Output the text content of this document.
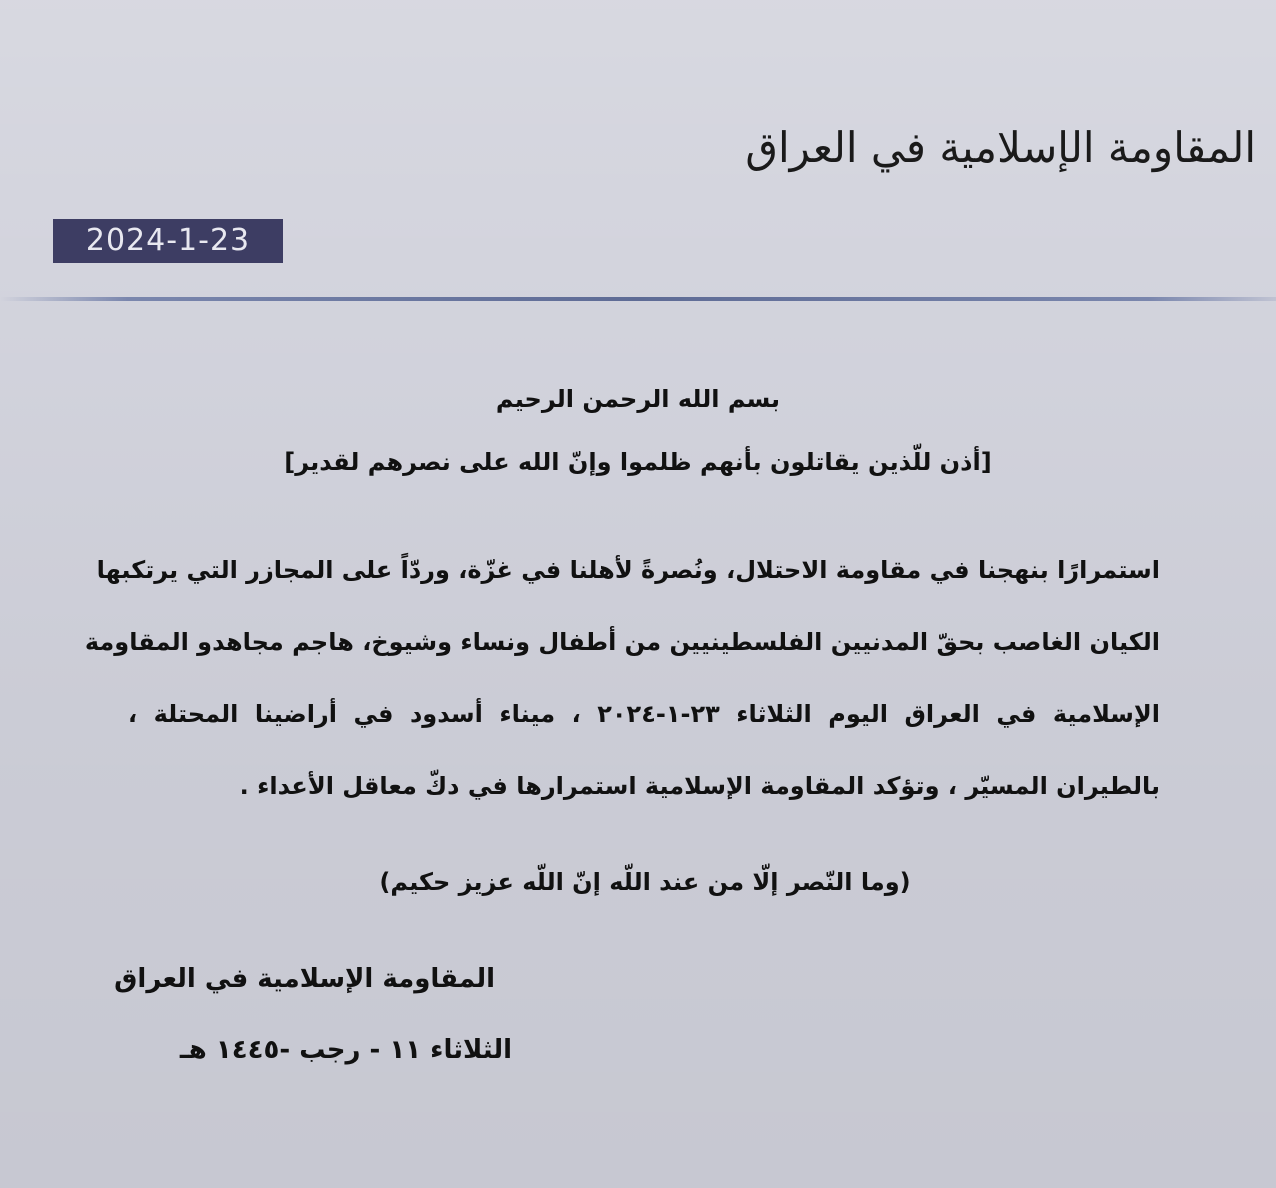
المقاومة الإسلامية في العراق
2024-1-23
بسم الله الرحمن الرحيم
[أذن للّذين يقاتلون بأنهم ظلموا وإنّ الله على نصرهم لقدير]
استمرارًا بنهجنا في مقاومة الاحتلال، ونُصرةً لأهلنا في غزّة، وردّاً على المجازر التي يرتكبها
الكيان الغاصب بحقّ المدنيين الفلسطينيين من أطفال ونساء وشيوخ، هاجم مجاهدو المقاومة
الإسلامية في العراق اليوم الثلاثاء ٢٣-١-٢٠٢٤ ، ميناء أسدود في أراضينا المحتلة ،
بالطيران المسيّر ، وتؤكد المقاومة الإسلامية استمرارها في دكّ معاقل الأعداء .
(وما النّصر إلّا من عند اللّه إنّ اللّه عزيز حكيم)
المقاومة الإسلامية في العراق
الثلاثاء ١١ - رجب -١٤٤٥ هـ
